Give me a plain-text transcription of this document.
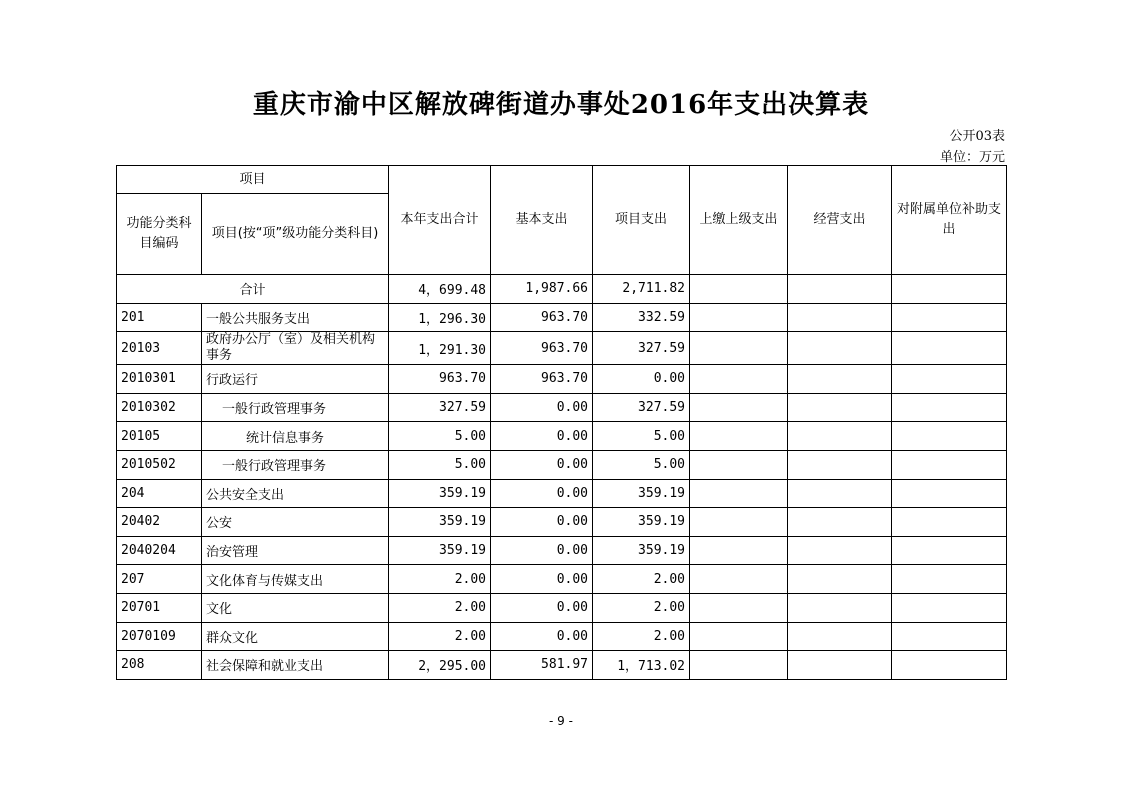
重庆市渝中区解放碑街道办事处2016年支出决算表
公开03表
单位：万元
项目		本年支出合计	基本支出	项目支出	上缴上级支出	经营支出	对附属单位补助支出
功能分类科目编码	项目(按“项”级功能分类科目)						
合计		4，699.48	1,987.66	2,711.82			
201	一般公共服务支出	1，296.30	963.70	332.59			
20103	政府办公厅（室）及相关机构事务	1，291.30	963.70	327.59			
2010301	行政运行	963.70	963.70	0.00			
2010302	一般行政管理事务	327.59	0.00	327.59			
20105	统计信息事务	5.00	0.00	5.00			
2010502	一般行政管理事务	5.00	0.00	5.00			
204	公共安全支出	359.19	0.00	359.19			
20402	公安	359.19	0.00	359.19			
2040204	治安管理	359.19	0.00	359.19			
207	文化体育与传媒支出	2.00	0.00	2.00			
20701	文化	2.00	0.00	2.00			
2070109	群众文化	2.00	0.00	2.00			
208	社会保障和就业支出	2，295.00	581.97	1，713.02			
- 9 -
